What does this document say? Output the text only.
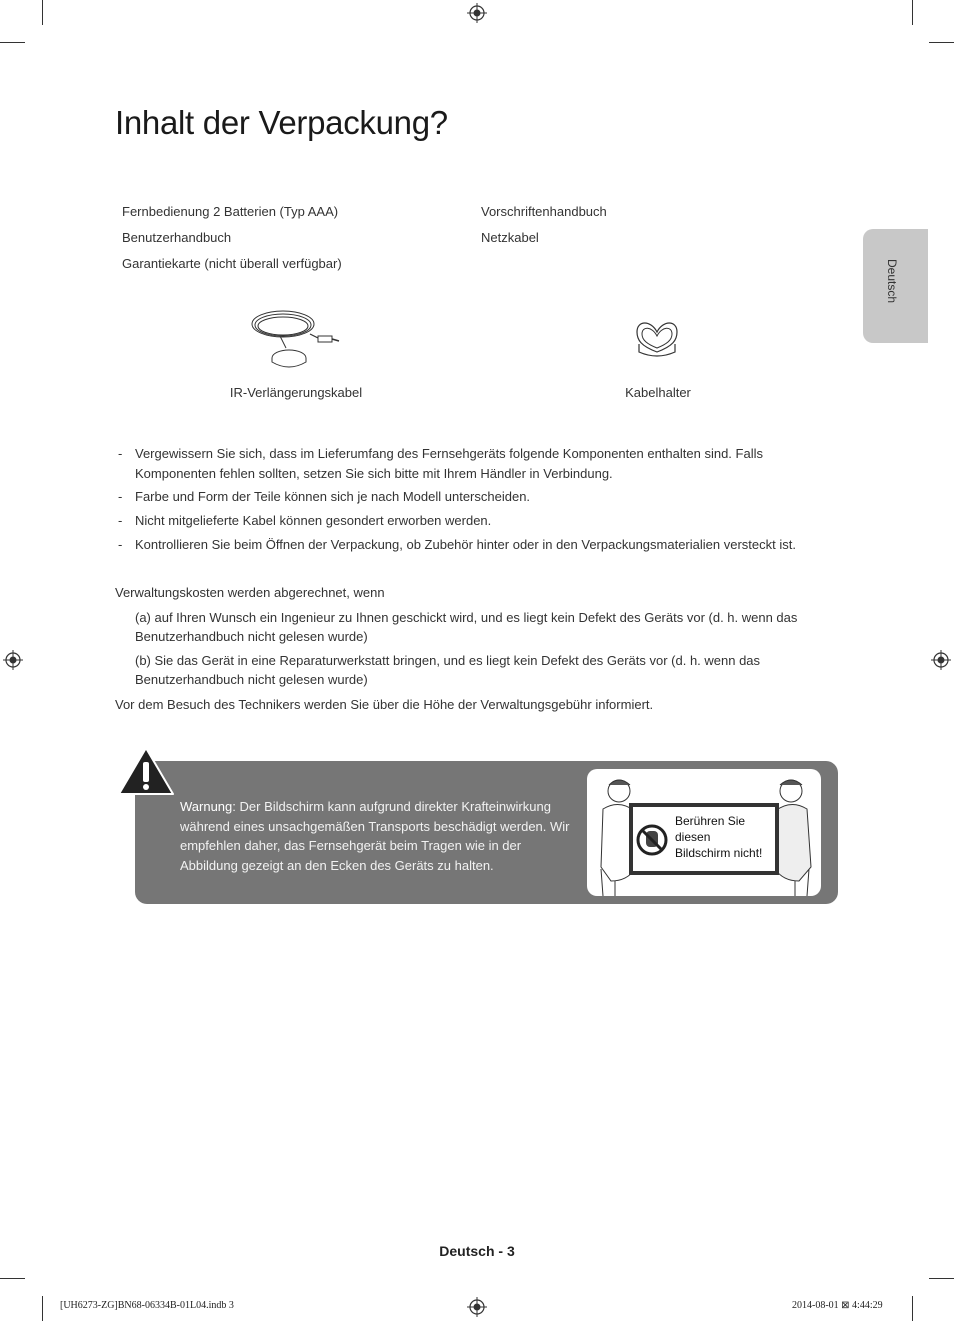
Inhalt der Verpackung?
Deutsch
Fernbedienung 2 Batterien (Typ AAA)
Benutzerhandbuch
Garantiekarte (nicht überall verfügbar)
Vorschriftenhandbuch
Netzkabel
IR-Verlängerungskabel	Kabelhalter
- Vergewissern Sie sich, dass im Lieferumfang des Fernsehgeräts folgende Komponenten enthalten sind. Falls
Komponenten fehlen sollten, setzen Sie sich bitte mit Ihrem Händler in Verbindung.
- Farbe und Form der Teile können sich je nach Modell unterscheiden.
- Nicht mitgelieferte Kabel können gesondert erworben werden.
- Kontrollieren Sie beim Öffnen der Verpackung, ob Zubehör hinter oder in den Verpackungsmaterialien versteckt ist.
Verwaltungskosten werden abgerechnet, wenn
(a) auf Ihren Wunsch ein Ingenieur zu Ihnen geschickt wird, und es liegt kein Defekt des Geräts vor (d. h. wenn das
Benutzerhandbuch nicht gelesen wurde)
(b) Sie das Gerät in eine Reparaturwerkstatt bringen, und es liegt kein Defekt des Geräts vor (d. h. wenn das
Benutzerhandbuch nicht gelesen wurde)
Vor dem Besuch des Technikers werden Sie über die Höhe der Verwaltungsgebühr informiert.
Warnung: Der Bildschirm kann aufgrund direkter Krafteinwirkung während eines unsachgemäßen Transports beschädigt werden. Wir empfehlen daher, das Fernsehgerät beim Tragen wie in der Abbildung gezeigt an den Ecken des Geräts zu halten.
Berühren Sie
diesen
Bildschirm nicht!
Deutsch - 3
[UH6273-ZG]BN68-06334B-01L04.indb 3	2014-08-01 ⊠ 4:44:29
